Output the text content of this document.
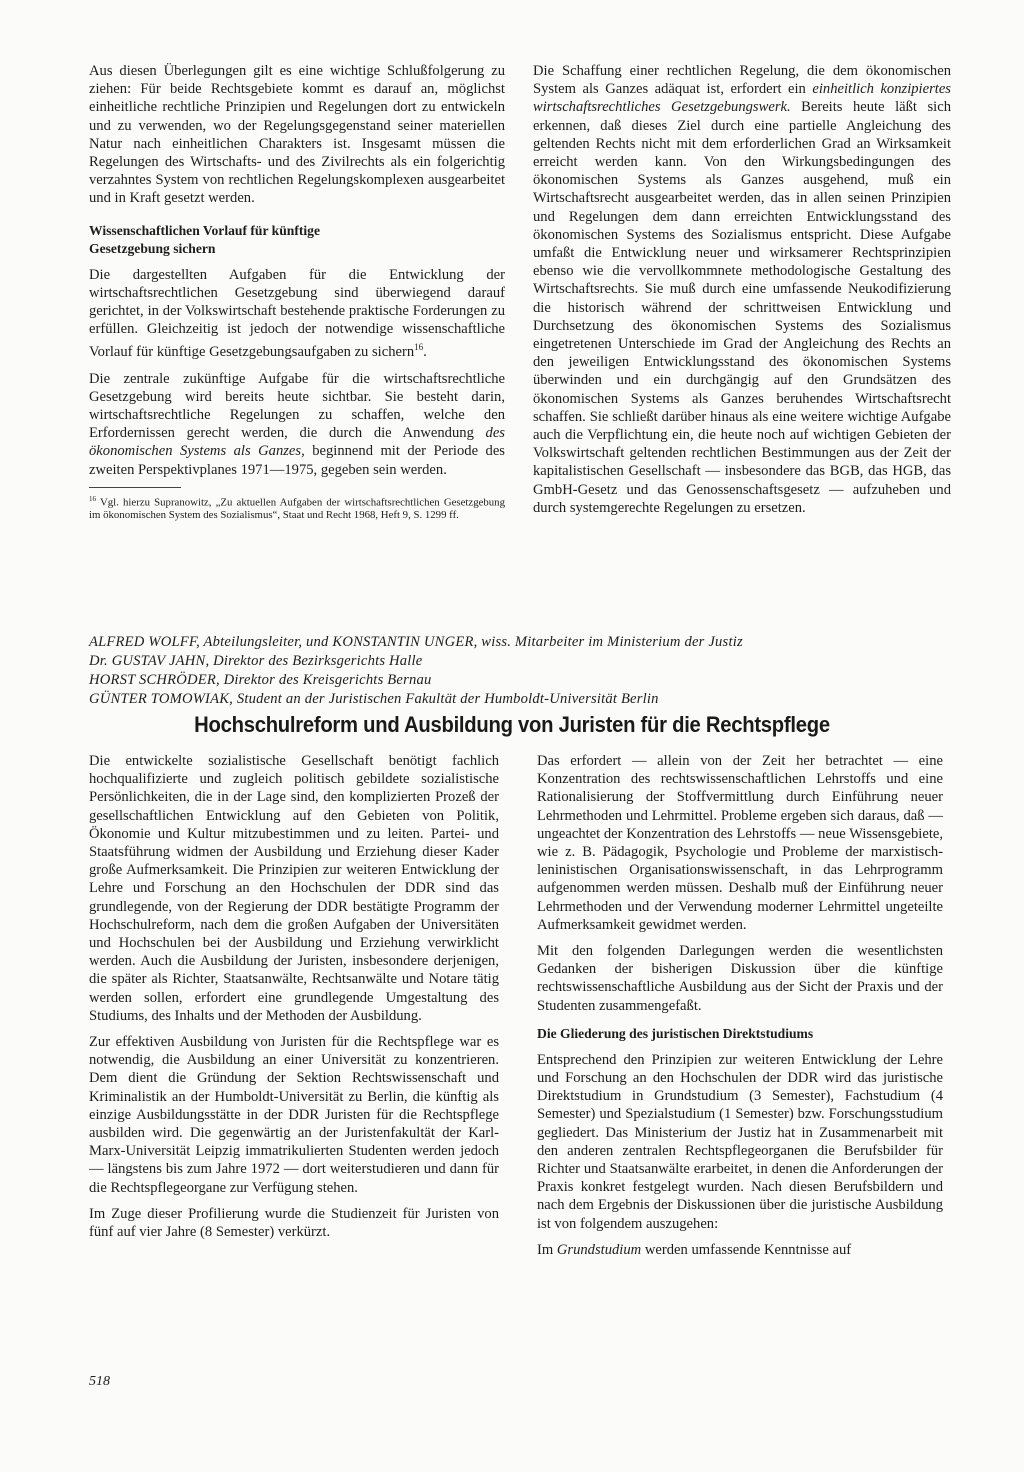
Aus diesen Überlegungen gilt es eine wichtige Schlußfolgerung zu ziehen: Für beide Rechtsgebiete kommt es darauf an, möglichst einheitliche rechtliche Prinzipien und Regelungen dort zu entwickeln und zu verwenden, wo der Regelungsgegenstand seiner materiellen Natur nach einheitlichen Charakters ist. Insgesamt müssen die Regelungen des Wirtschafts- und des Zivilrechts als ein folgerichtig verzahntes System von rechtlichen Regelungskomplexen ausgearbeitet und in Kraft gesetzt werden.

Wissenschaftlichen Vorlauf für künftige Gesetzgebung sichern

Die dargestellten Aufgaben für die Entwicklung der wirtschaftsrechtlichen Gesetzgebung sind überwiegend darauf gerichtet, in der Volkswirtschaft bestehende praktische Forderungen zu erfüllen. Gleichzeitig ist jedoch der notwendige wissenschaftliche Vorlauf für künftige Gesetzgebungsaufgaben zu sichern$^{16}$.

Die zentrale zukünftige Aufgabe für die wirtschaftsrechtliche Gesetzgebung wird bereits heute sichtbar. Sie besteht darin, wirtschaftsrechtliche Regelungen zu schaffen, welche den Erfordernissen gerecht werden, die durch die Anwendung des ökonomischen Systems als Ganzes, beginnend mit der Periode des zweiten Perspektivplanes 1971—1975, gegeben sein werden.

$^{16}$ Vgl. hierzu Supranowitz, „Zu aktuellen Aufgaben der wirtschaftsrechtlichen Gesetzgebung im ökonomischen System des Sozialismus“, Staat und Recht 1968, Heft 9, S. 1299 ff.

Die Schaffung einer rechtlichen Regelung, die dem ökonomischen System als Ganzes adäquat ist, erfordert ein einheitlich konzipiertes wirtschaftsrechtliches Gesetzgebungswerk. Bereits heute läßt sich erkennen, daß dieses Ziel durch eine partielle Angleichung des geltenden Rechts nicht mit dem erforderlichen Grad an Wirksamkeit erreicht werden kann. Von den Wirkungsbedingungen des ökonomischen Systems als Ganzes ausgehend, muß ein Wirtschaftsrecht ausgearbeitet werden, das in allen seinen Prinzipien und Regelungen dem dann erreichten Entwicklungsstand des ökonomischen Systems des Sozialismus entspricht. Diese Aufgabe umfaßt die Entwicklung neuer und wirksamerer Rechtsprinzipien ebenso wie die vervollkommnete methodologische Gestaltung des Wirtschaftsrechts. Sie muß durch eine umfassende Neukodifizierung die historisch während der schrittweisen Entwicklung und Durchsetzung des ökonomischen Systems des Sozialismus eingetretenen Unterschiede im Grad der Angleichung des Rechts an den jeweiligen Entwicklungsstand des ökonomischen Systems überwinden und ein durchgängig auf den Grundsätzen des ökonomischen Systems als Ganzes beruhendes Wirtschaftsrecht schaffen. Sie schließt darüber hinaus als eine weitere wichtige Aufgabe auch die Verpflichtung ein, die heute noch auf wichtigen Gebieten der Volkswirtschaft geltenden rechtlichen Bestimmungen aus der Zeit der kapitalistischen Gesellschaft — insbesondere das BGB, das HGB, das GmbH-Gesetz und das Genossenschaftsgesetz — aufzuheben und durch systemgerechte Regelungen zu ersetzen.

ALFRED WOLFF, Abteilungsleiter, und KONSTANTIN UNGER, wiss. Mitarbeiter im Ministerium der Justiz
Dr. GUSTAV JAHN, Direktor des Bezirksgerichts Halle
HORST SCHRÖDER, Direktor des Kreisgerichts Bernau
GÜNTER TOMOWIAK, Student an der Juristischen Fakultät der Humboldt-Universität Berlin
Hochschulreform und Ausbildung von Juristen für die Rechtspflege

Die entwickelte sozialistische Gesellschaft benötigt fachlich hochqualifizierte und zugleich politisch gebildete sozialistische Persönlichkeiten, die in der Lage sind, den komplizierten Prozeß der gesellschaftlichen Entwicklung auf den Gebieten von Politik, Ökonomie und Kultur mitzubestimmen und zu leiten. Partei- und Staatsführung widmen der Ausbildung und Erziehung dieser Kader große Aufmerksamkeit. Die Prinzipien zur weiteren Entwicklung der Lehre und Forschung an den Hochschulen der DDR sind das grundlegende, von der Regierung der DDR bestätigte Programm der Hochschulreform, nach dem die großen Aufgaben der Universitäten und Hochschulen bei der Ausbildung und Erziehung verwirklicht werden. Auch die Ausbildung der Juristen, insbesondere derjenigen, die später als Richter, Staatsanwälte, Rechtsanwälte und Notare tätig werden sollen, erfordert eine grundlegende Umgestaltung des Studiums, des Inhalts und der Methoden der Ausbildung.

Zur effektiven Ausbildung von Juristen für die Rechtspflege war es notwendig, die Ausbildung an einer Universität zu konzentrieren. Dem dient die Gründung der Sektion Rechtswissenschaft und Kriminalistik an der Humboldt-Universität zu Berlin, die künftig als einzige Ausbildungsstätte in der DDR Juristen für die Rechtspflege ausbilden wird. Die gegenwärtig an der Juristenfakultät der Karl-Marx-Universität Leipzig immatrikulierten Studenten werden jedoch — längstens bis zum Jahre 1972 — dort weiterstudieren und dann für die Rechtspflegeorgane zur Verfügung stehen.

Im Zuge dieser Profilierung wurde die Studienzeit für Juristen von fünf auf vier Jahre (8 Semester) verkürzt.

Das erfordert — allein von der Zeit her betrachtet — eine Konzentration des rechtswissenschaftlichen Lehrstoffs und eine Rationalisierung der Stoffvermittlung durch Einführung neuer Lehrmethoden und Lehrmittel. Probleme ergeben sich daraus, daß — ungeachtet der Konzentration des Lehrstoffs — neue Wissensgebiete, wie z. B. Pädagogik, Psychologie und Probleme der marxistisch-leninistischen Organisationswissenschaft, in das Lehrprogramm aufgenommen werden müssen. Deshalb muß der Einführung neuer Lehrmethoden und der Verwendung moderner Lehrmittel ungeteilte Aufmerksamkeit gewidmet werden.

Mit den folgenden Darlegungen werden die wesentlichsten Gedanken der bisherigen Diskussion über die künftige rechtswissenschaftliche Ausbildung aus der Sicht der Praxis und der Studenten zusammengefaßt.

Die Gliederung des juristischen Direktstudiums

Entsprechend den Prinzipien zur weiteren Entwicklung der Lehre und Forschung an den Hochschulen der DDR wird das juristische Direktstudium in Grundstudium (3 Semester), Fachstudium (4 Semester) und Spezialstudium (1 Semester) bzw. Forschungsstudium gegliedert. Das Ministerium der Justiz hat in Zusammenarbeit mit den anderen zentralen Rechtspflegeorganen die Berufsbilder für Richter und Staatsanwälte erarbeitet, in denen die Anforderungen der Praxis konkret festgelegt wurden. Nach diesen Berufsbildern und nach dem Ergebnis der Diskussionen über die juristische Ausbildung ist von folgendem auszugehen:

Im Grundstudium werden umfassende Kenntnisse auf

518
